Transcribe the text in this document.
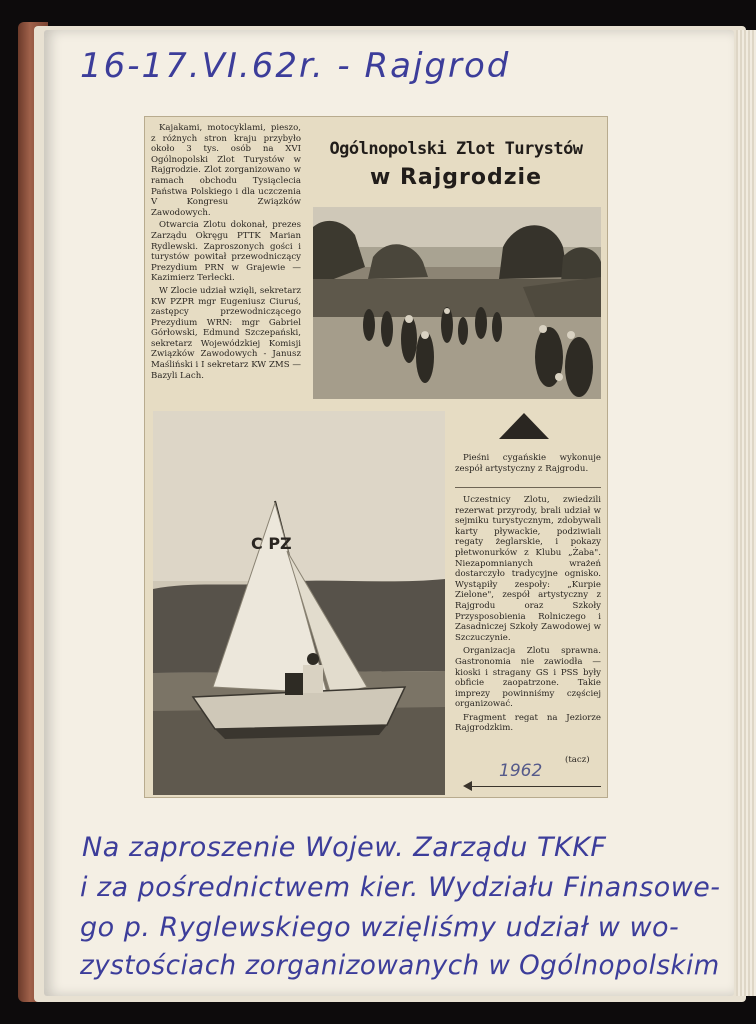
16-17.VI.62r. - Rajgrod

Kajakami, motocyklami, pieszo, z różnych stron kraju przybyło około 3 tys. osób na XVI Ogólnopolski Zlot Turystów w Rajgrodzie. Zlot zorganizowano w ramach obchodu Tysiąclecia Państwa Polskiego i dla uczczenia V Kongresu Związków Zawodowych.

Otwarcia Zlotu dokonał, prezes Zarządu Okręgu PTTK Marian Rydlewski. Zaproszonych gości i turystów powitał przewodniczący Prezydium PRN w Grajewie — Kazimierz Terlecki.

W Zlocie udział wzięli, sekretarz KW PZPR mgr Eugeniusz Ciuruś, zastępcy przewodniczącego Prezydium WRN: mgr Gabriel Górłowski, Edmund Szczepański, sekretarz Wojewódzkiej Komisji Związków Zawodowych - Janusz Maśliński i I sekretarz KW ZMS — Bazyli Lach.

Ogólnopolski Zlot Turystów
w Rajgrodzie
C PZ
Pieśni cygańskie wykonuje zespół artystyczny z Rajgrodu.

Uczestnicy Zlotu, zwiedzili rezerwat przyrody, brali udział w sejmiku turystycznym, zdobywali karty pływackie, podziwiali regaty żeglarskie, i pokazy płetwonurków z Klubu „Żaba". Niezapomnianych wrażeń dostarczyło tradycyjne ognisko. Wystąpiły zespoły: „Kurpie Zielone", zespół artystyczny z Rajgrodu oraz Szkoły Przysposobienia Rolniczego i Zasadniczej Szkoły Zawodowej w Szczuczynie.

Organizacja Zlotu sprawna. Gastronomia nie zawiodła — kioski i straganу GS i PSS były obficie zaopatrzone. Takie imprezy powinniśmy częściej organizować.

Fragment regat na Jeziorze Rajgrodzkim.

1962
(tacz)
Na zaproszenie Wojew. Zarządu TKKF
i za pośrednictwem kier. Wydziału Finansowe-
go p. Ryglewskiego wzięliśmy udział w wo-
zystościach zorganizowanych w Ogólnopolskim
